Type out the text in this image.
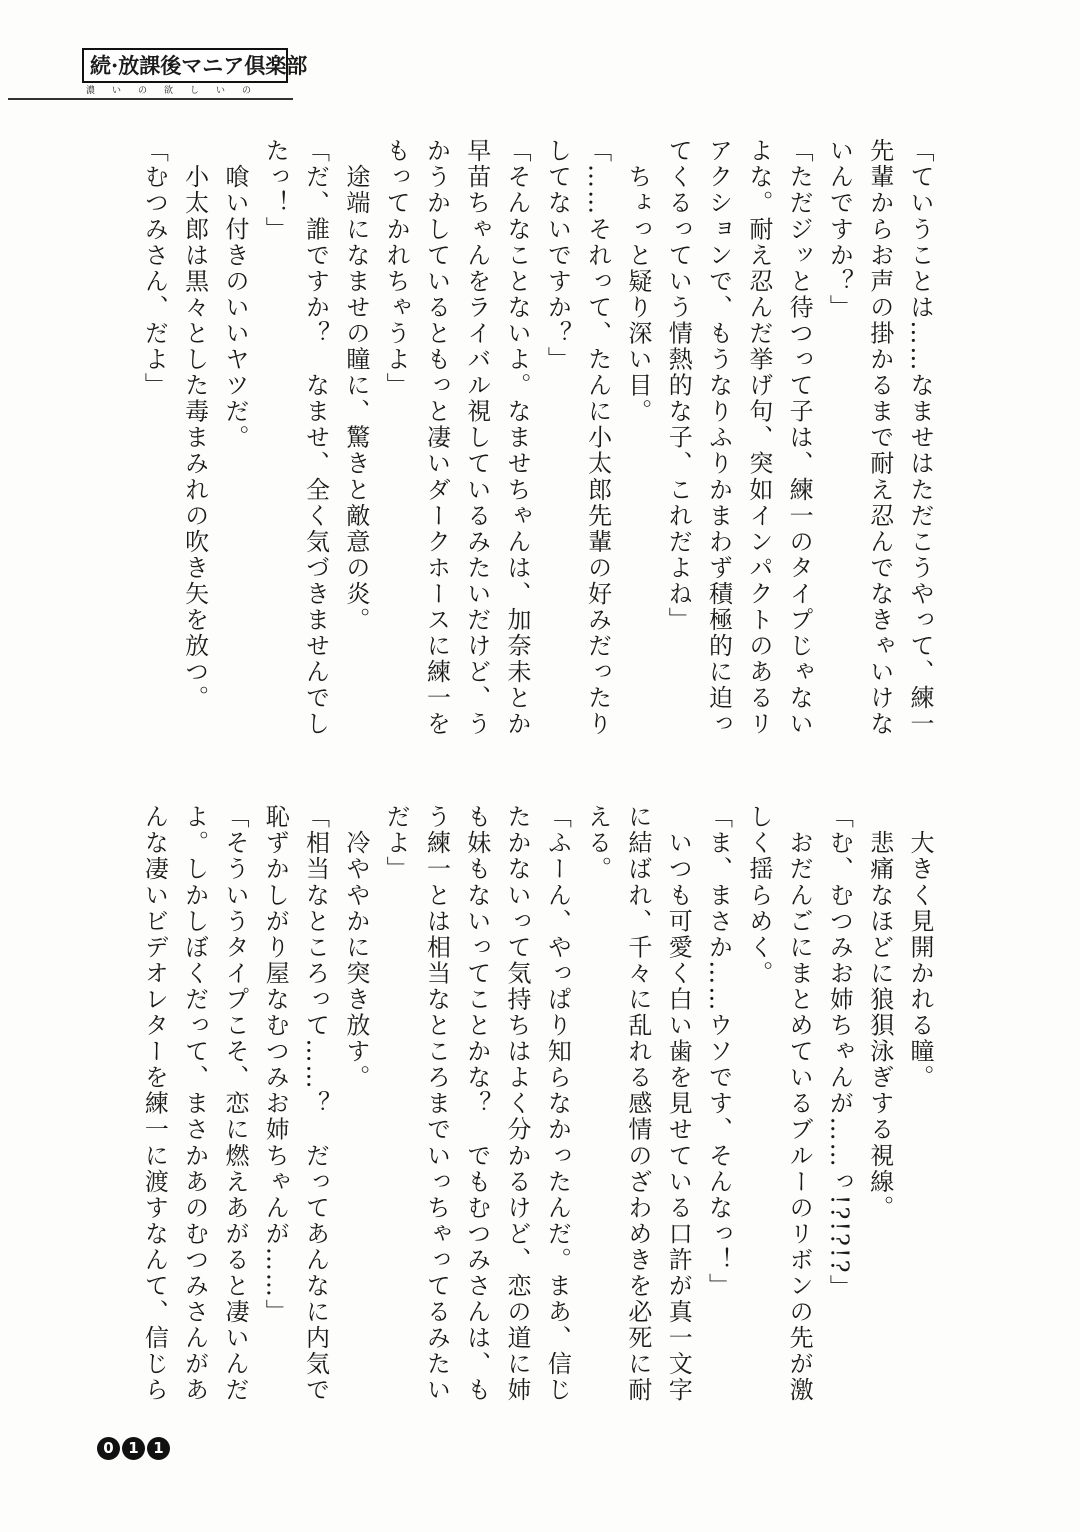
続·放課後マニア倶楽部
濃いの欲しいの
「ていうことは……なませはただこうやって、練一
先輩からお声の掛かるまで耐え忍んでなきゃいけな
いんですか？」
「ただジッと待つって子は、練一のタイプじゃない
よな。耐え忍んだ挙げ句、突如インパクトのあるリ
アクションで、もうなりふりかまわず積極的に迫っ
てくるっていう情熱的な子、これだよね」
　ちょっと疑り深い目。
「……それって、たんに小太郎先輩の好みだったり
してないですか？」
「そんなことないよ。なませちゃんは、加奈未とか
早苗ちゃんをライバル視しているみたいだけど、う
かうかしているともっと凄いダークホースに練一を
もってかれちゃうよ」
　途端になませの瞳に、驚きと敵意の炎。
「だ、誰ですか？　なませ、全く気づきませんでし
たっ！」
　喰い付きのいいヤツだ。
　小太郎は黒々とした毒まみれの吹き矢を放つ。
「むつみさん、だよ」
　大きく見開かれる瞳。
　悲痛なほどに狼狽泳ぎする視線。
「む、むつみお姉ちゃんが……っ!?!?!?」
　おだんごにまとめているブルーのリボンの先が激
しく揺らめく。
「ま、まさか……ウソです、そんなっ！」
　いつも可愛く白い歯を見せている口許が真一文字
に結ばれ、千々に乱れる感情のざわめきを必死に耐
える。
「ふーん、やっぱり知らなかったんだ。まあ、信じ
たかないって気持ちはよく分かるけど、恋の道に姉
も妹もないってことかな？　でもむつみさんは、も
う練一とは相当なところまでいっちゃってるみたい
だよ」
　冷ややかに突き放す。
「相当なところって……？　だってあんなに内気で
恥ずかしがり屋なむつみお姉ちゃんが……」
「そういうタイプこそ、恋に燃えあがると凄いんだ
よ。しかしぼくだって、まさかあのむつみさんがあ
んな凄いビデオレターを練一に渡すなんて、信じら
0 1 1
